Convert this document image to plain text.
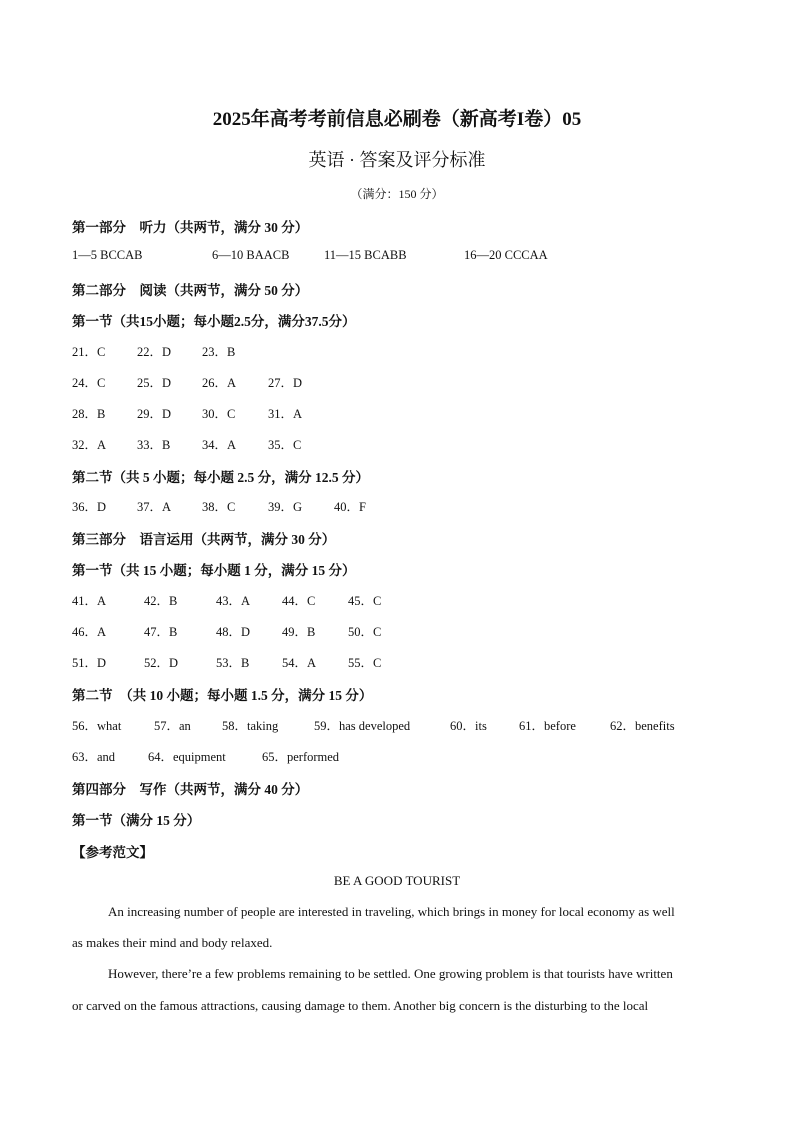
2025年高考考前信息必刷卷（新高考I卷）05
英语 · 答案及评分标准
（满分：150 分）
第一部分　听力（共两节，满分 30 分）
1—5 BCCAB	6—10 BAACB	11—15 BCABB	16—20 CCCAA
第二部分　阅读（共两节，满分 50 分）
第一节（共15小题；每小题2.5分，满分37.5分）
21．C	22．D 23．B
24．C	25．D 26．A	27．D
28．B	29．D 30．C	31．A
32．A 33．B	34．A	35．C
第二节（共 5 小题；每小题 2.5 分，满分 12.5 分）
36．D 37．A 38．C	39．G	40．F
第三部分　语言运用（共两节，满分 30 分）
第一节（共 15 小题；每小题 1 分，满分 15 分）
41．A	42．B	43．A	44．C	45．C
46．A	47．B	48．D	49．B	50．C
51．D	52．D	53．B	54．A	55．C
第二节　（共 10 小题；每小题 1.5 分，满分 15 分）
56．what	57．an 58．taking	59．has developed	60．its	61．before	62．benefits
63．and	64．equipment	65．performed
第四部分　写作（共两节，满分 40 分）
第一节（满分 15 分）
【参考范文】
BE A GOOD TOURIST
An increasing number of people are interested in traveling, which brings in money for local economy as well
as makes their mind and body relaxed.
However, there’re a few problems remaining to be settled. One growing problem is that tourists have written
or carved on the famous attractions, causing damage to them. Another big concern is the disturbing to the local
